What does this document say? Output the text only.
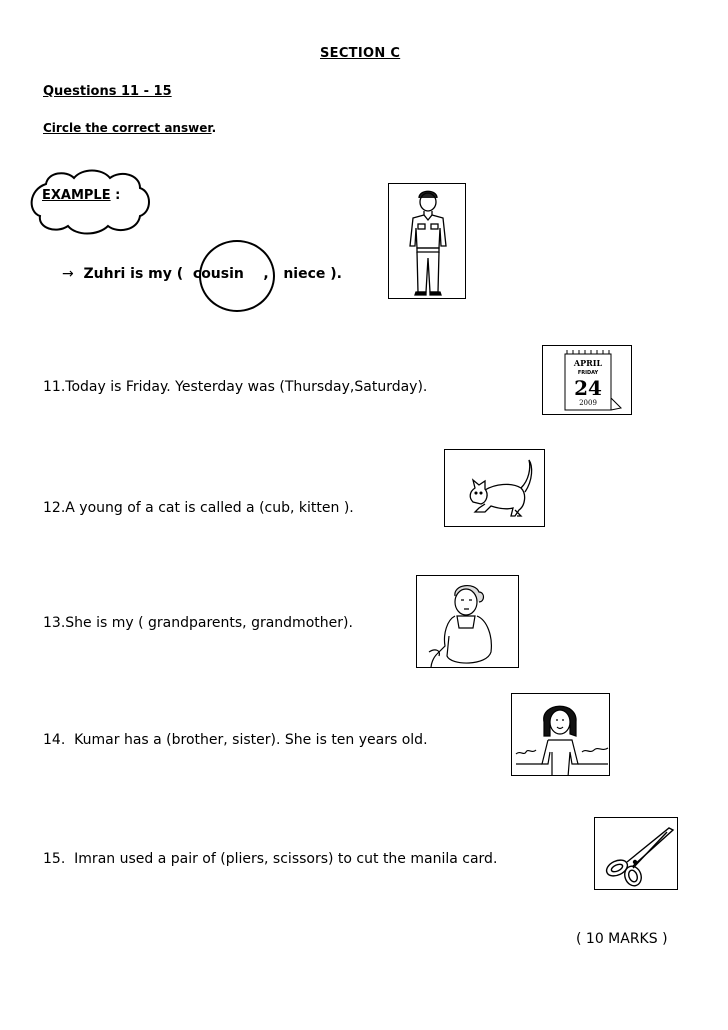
SECTION C
Questions 11 - 15
Circle the correct answer.
EXAMPLE :
→ Zuhri is my ( cousin , niece ).
11.Today is Friday. Yesterday was (Thursday,Saturday).
APRIL
FRIDAY
24
2009
12.A young of a cat is called a (cub, kitten ).
13.She is my ( grandparents, grandmother).
14.  Kumar has a (brother, sister). She is ten years old.
15.  Imran used a pair of (pliers, scissors) to cut the manila card.
( 10 MARKS )
